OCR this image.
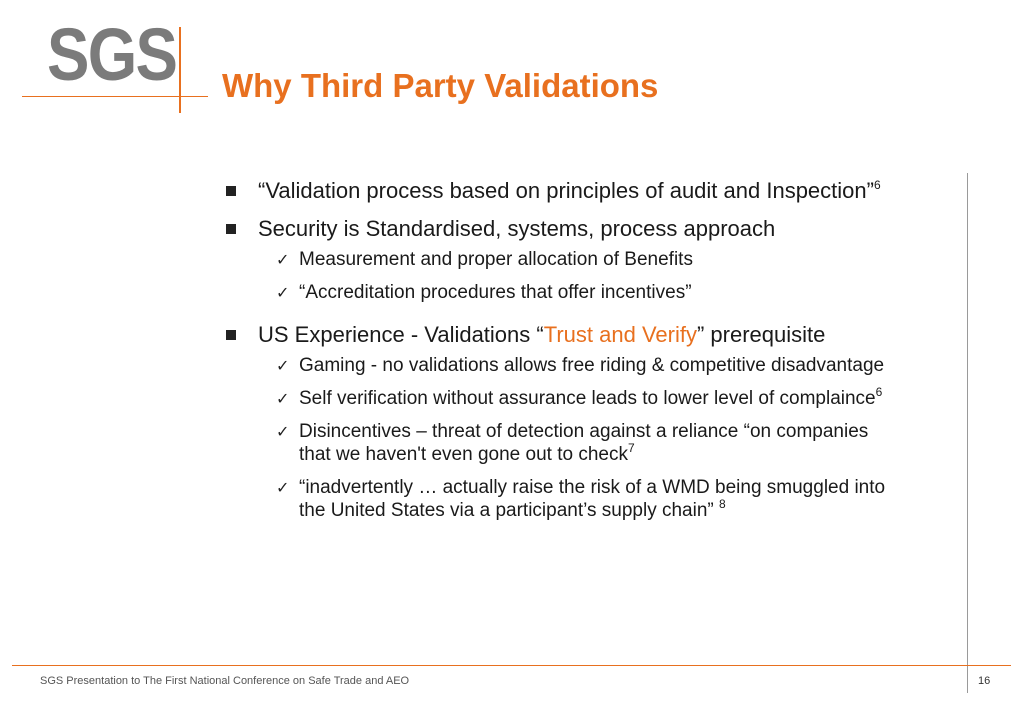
SGS Why Third Party Validations
“Validation process based on principles of audit and Inspection”$^6$
Security is Standardised, systems, process approach
✓ Measurement and proper allocation of Benefits
✓ “Accreditation procedures that offer incentives”
US Experience - Validations “Trust and Verify” prerequisite
✓ Gaming - no validations allows free riding & competitive disadvantage
✓ Self verification without assurance leads to lower level of complaince$^6$
✓ Disincentives – threat of detection against a reliance “on companies that we haven't even gone out to check$^7$
✓ “inadvertently … actually raise the risk of a WMD being smuggled into the United States via a participant’s supply chain” $^8$
SGS Presentation to The First National Conference on Safe Trade and AEO	16
